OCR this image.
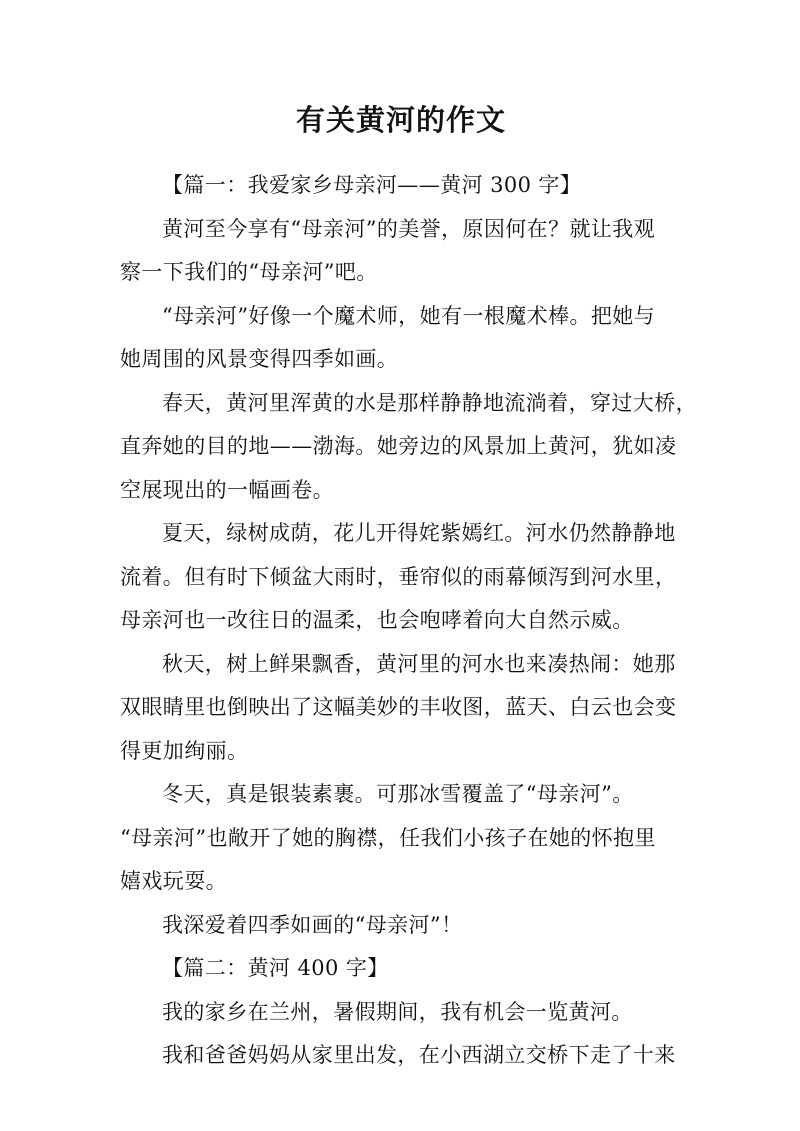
有关黄河的作文

【篇一：我爱家乡母亲河——黄河 300 字】

黄河至今享有“母亲河”的美誉，原因何在？就让我观

察一下我们的“母亲河”吧。

“母亲河”好像一个魔术师，她有一根魔术棒。把她与

她周围的风景变得四季如画。

春天，黄河里浑黄的水是那样静静地流淌着，穿过大桥，

直奔她的目的地——渤海。她旁边的风景加上黄河，犹如凌

空展现出的一幅画卷。

夏天，绿树成荫，花儿开得姹紫嫣红。河水仍然静静地

流着。但有时下倾盆大雨时，垂帘似的雨幕倾泻到河水里，

母亲河也一改往日的温柔，也会咆哮着向大自然示威。

秋天，树上鲜果飘香，黄河里的河水也来凑热闹：她那

双眼睛里也倒映出了这幅美妙的丰收图，蓝天、白云也会变

得更加绚丽。

冬天，真是银装素裹。可那冰雪覆盖了“母亲河”。

“母亲河”也敞开了她的胸襟，任我们小孩子在她的怀抱里

嬉戏玩耍。

我深爱着四季如画的“母亲河”！

【篇二：黄河 400 字】

我的家乡在兰州，暑假期间，我有机会一览黄河。

我和爸爸妈妈从家里出发，在小西湖立交桥下走了十来
